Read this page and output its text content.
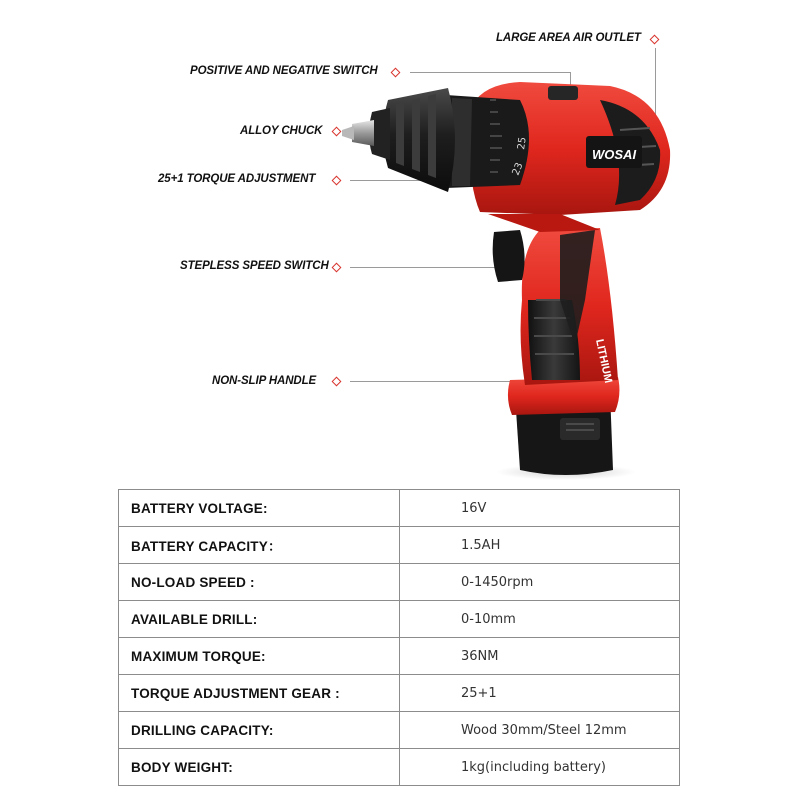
LARGE AREA AIR OUTLET
POSITIVE AND NEGATIVE SWITCH
ALLOY CHUCK
25+1 TORQUE ADJUSTMENT
STEPLESS SPEED SWITCH
NON-SLIP HANDLE	LITHIUM
WOSAI
25
23
BATTERY VOLTAGE:	16V
BATTERY CAPACITY：	1.5AH
NO-LOAD SPEED :	0-1450rpm
AVAILABLE DRILL:	0-10mm
MAXIMUM TORQUE:	36NM
TORQUE ADJUSTMENT GEAR :	25+1
DRILLING CAPACITY:	Wood 30mm/Steel 12mm
BODY WEIGHT:	1kg(including battery)
